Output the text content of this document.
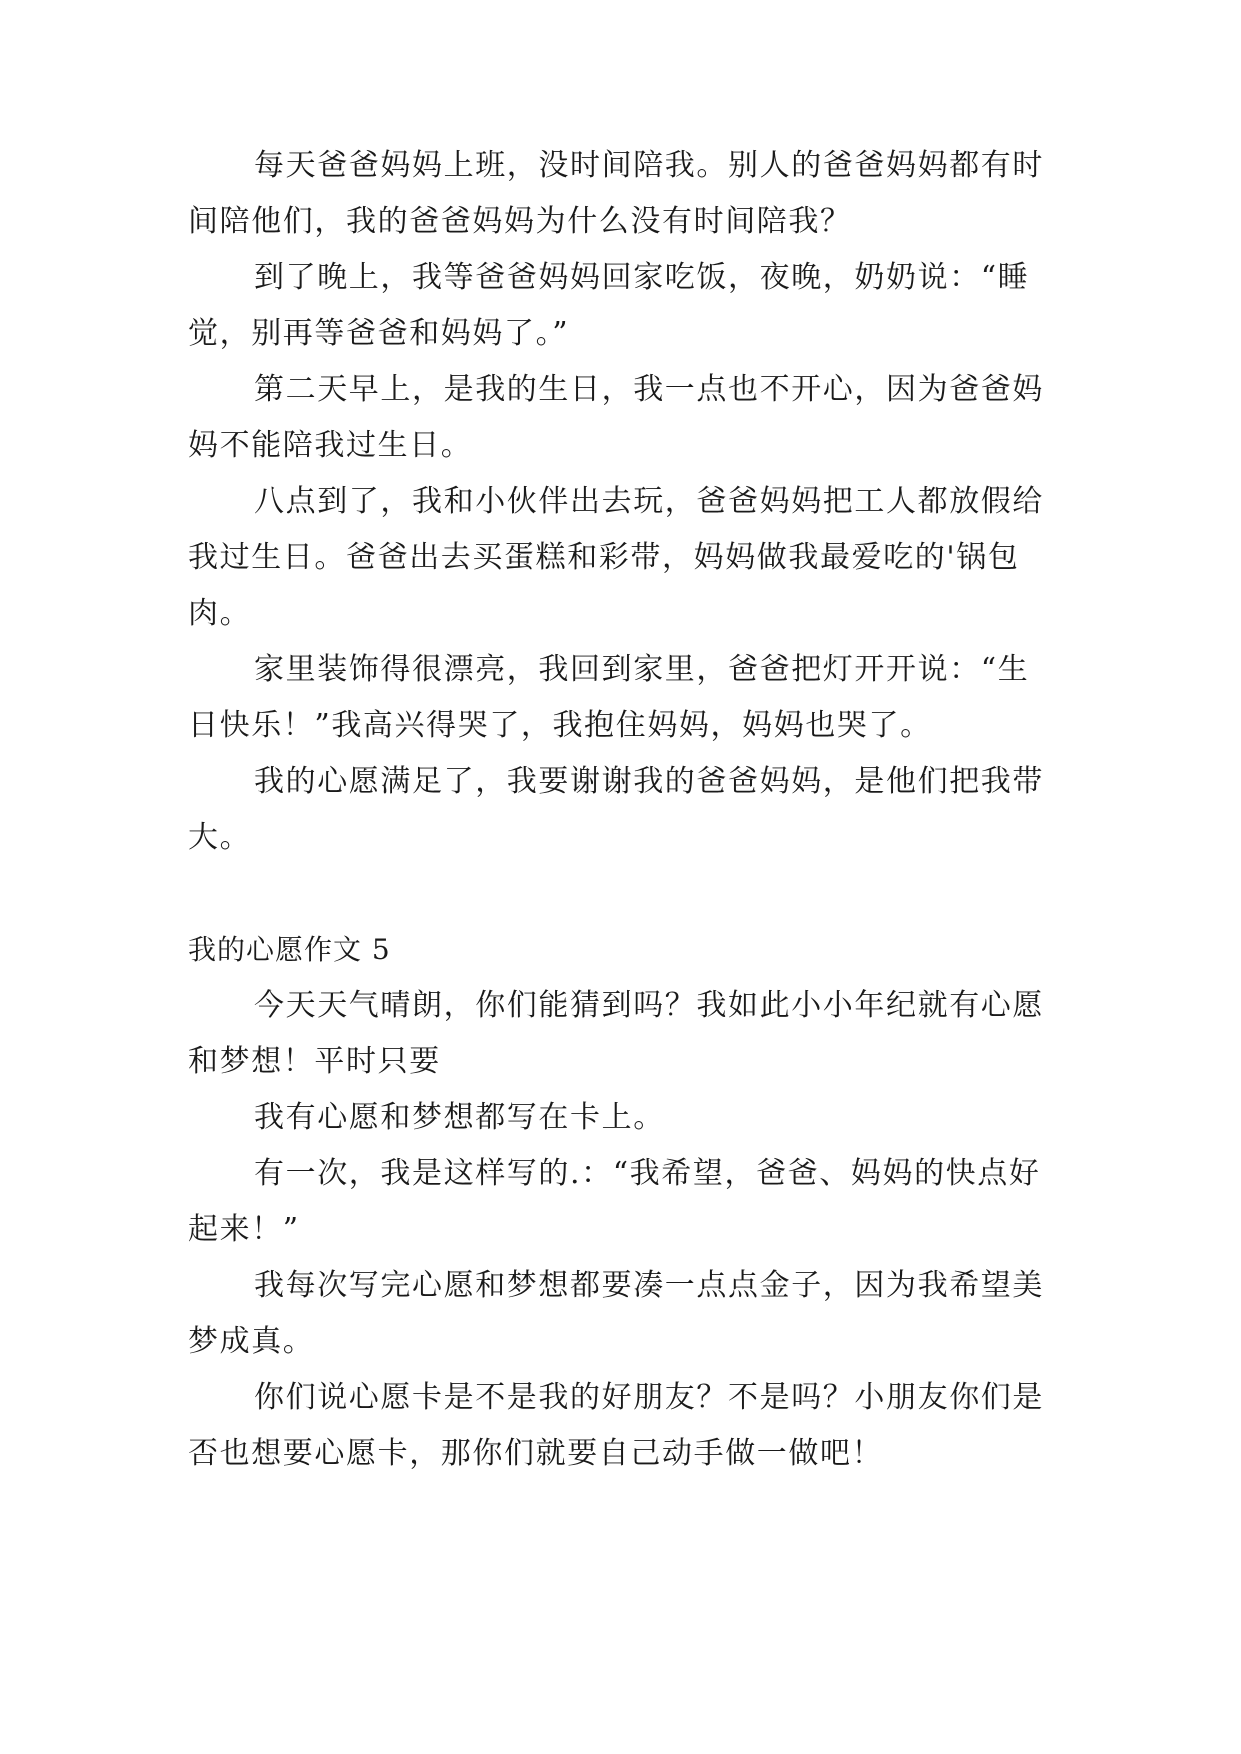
每天爸爸妈妈上班，没时间陪我。别人的爸爸妈妈都有时间陪他们，我的爸爸妈妈为什么没有时间陪我？

到了晚上，我等爸爸妈妈回家吃饭，夜晚，奶奶说：“睡觉，别再等爸爸和妈妈了。”

第二天早上，是我的生日，我一点也不开心，因为爸爸妈妈不能陪我过生日。

八点到了，我和小伙伴出去玩，爸爸妈妈把工人都放假给我过生日。爸爸出去买蛋糕和彩带，妈妈做我最爱吃的'锅包肉。

家里装饰得很漂亮，我回到家里，爸爸把灯开开说：“生日快乐！”我高兴得哭了，我抱住妈妈，妈妈也哭了。

我的心愿满足了，我要谢谢我的爸爸妈妈，是他们把我带大。

我的心愿作文 5

今天天气晴朗，你们能猜到吗？我如此小小年纪就有心愿和梦想！平时只要

我有心愿和梦想都写在卡上。

有一次，我是这样写的.：“我希望，爸爸、妈妈的快点好起来！”

我每次写完心愿和梦想都要凑一点点金子，因为我希望美梦成真。

你们说心愿卡是不是我的好朋友？不是吗？小朋友你们是否也想要心愿卡，那你们就要自己动手做一做吧！
